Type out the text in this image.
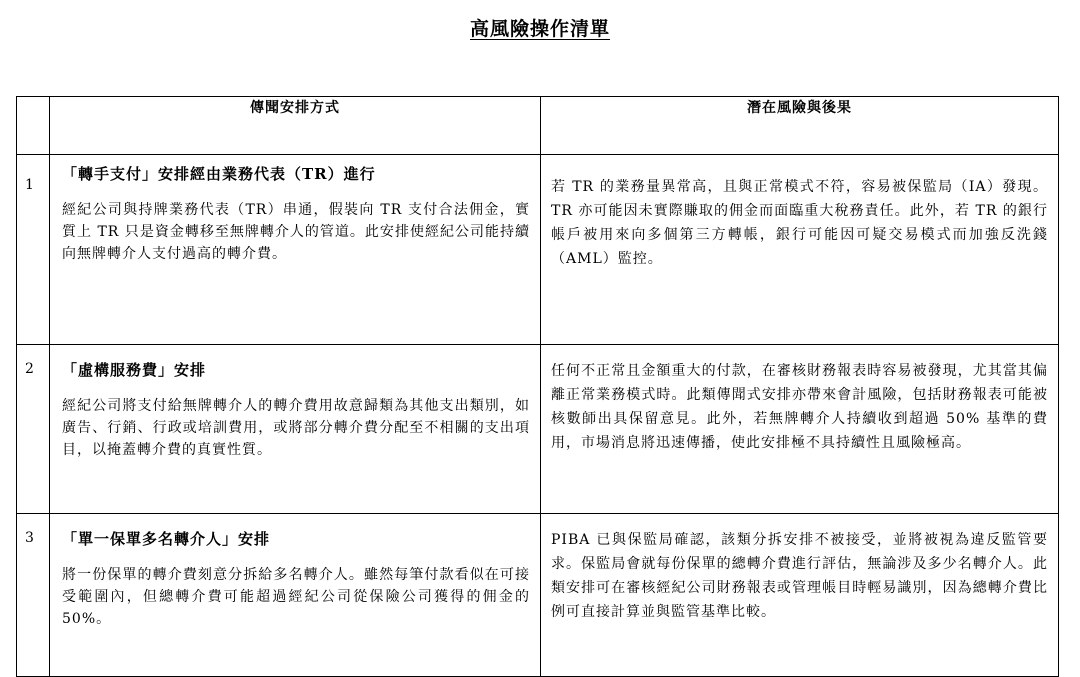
高風險操作清單
	傳聞安排方式	潛在風險與後果
1	「轉手支付」安排經由業務代表（TR）進行
經紀公司與持牌業務代表（TR）串通，假裝向 TR 支付合法佣金，實質上 TR 只是資金轉移至無牌轉介人的管道。此安排使經紀公司能持續向無牌轉介人支付過高的轉介費。	若 TR 的業務量異常高，且與正常模式不符，容易被保監局（IA）發現。TR 亦可能因未實際賺取的佣金而面臨重大稅務責任。此外，若 TR 的銀行帳戶被用來向多個第三方轉帳，銀行可能因可疑交易模式而加強反洗錢（AML）監控。
2	「虛構服務費」安排
經紀公司將支付給無牌轉介人的轉介費用故意歸類為其他支出類別，如廣告、行銷、行政或培訓費用，或將部分轉介費分配至不相關的支出項目，以掩蓋轉介費的真實性質。	任何不正常且金額重大的付款，在審核財務報表時容易被發現，尤其當其偏離正常業務模式時。此類傳聞式安排亦帶來會計風險，包括財務報表可能被核數師出具保留意見。此外，若無牌轉介人持續收到超過 50% 基準的費用，市場消息將迅速傳播，使此安排極不具持續性且風險極高。
3	「單一保單多名轉介人」安排
將一份保單的轉介費刻意分拆給多名轉介人。雖然每筆付款看似在可接受範圍內，但總轉介費可能超過經紀公司從保險公司獲得的佣金的 50%。	PIBA 已與保監局確認，該類分拆安排不被接受，並將被視為違反監管要求。保監局會就每份保單的總轉介費進行評估，無論涉及多少名轉介人。此類安排可在審核經紀公司財務報表或管理帳目時輕易識別，因為總轉介費比例可直接計算並與監管基準比較。
